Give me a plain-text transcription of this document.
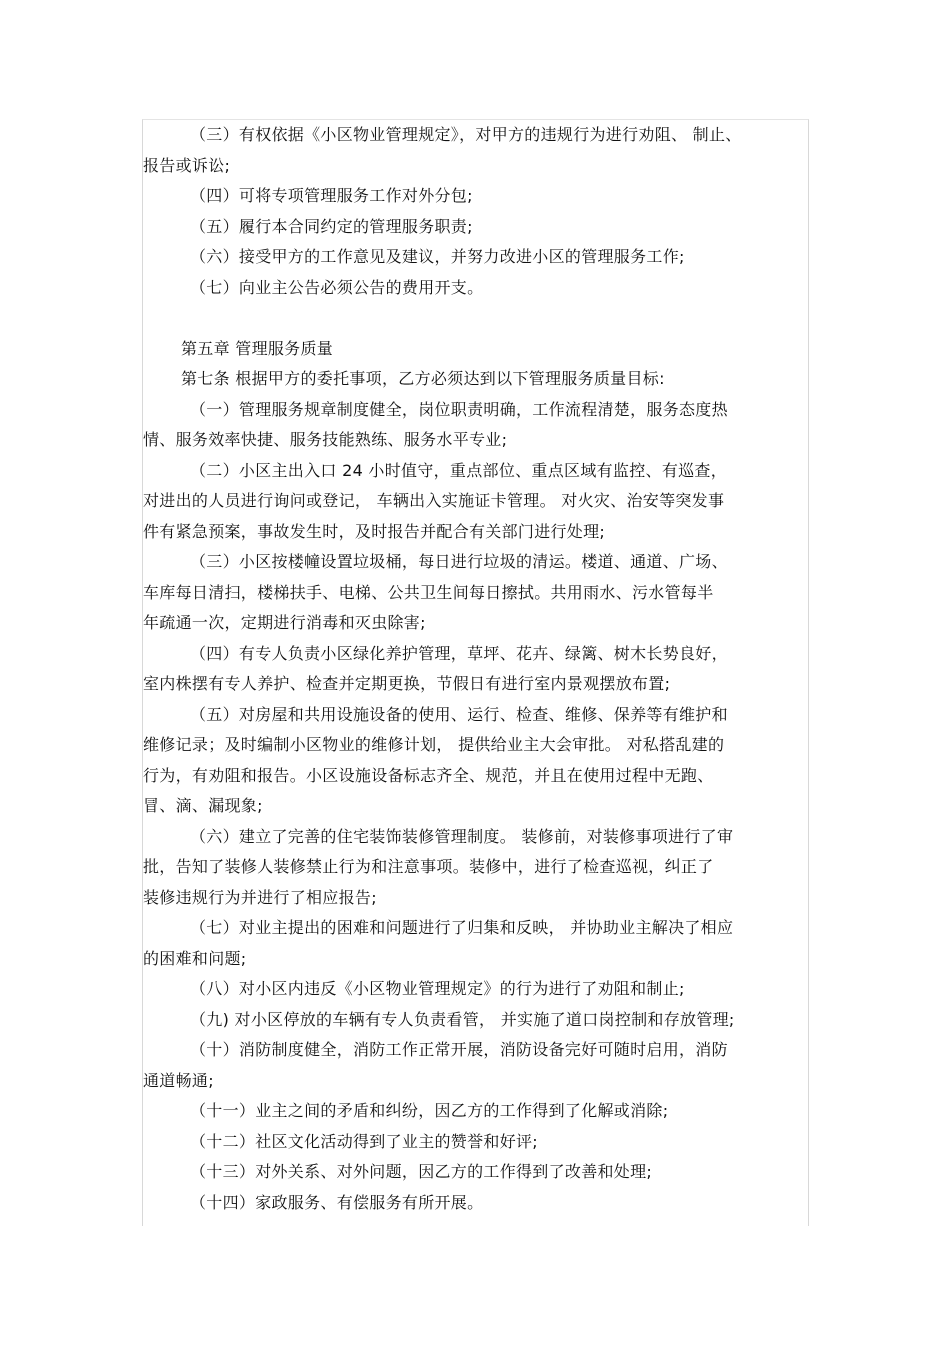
（三）有权依据《小区物业管理规定》，对甲方的违规行为进行劝阻、 制止、
报告或诉讼;
（四）可将专项管理服务工作对外分包;
（五）履行本合同约定的管理服务职责;
（六）接受甲方的工作意见及建议，并努力改进小区的管理服务工作;
（七）向业主公告必须公告的费用开支。
第五章 管理服务质量
第七条 根据甲方的委托事项，乙方必须达到以下管理服务质量目标:
（一）管理服务规章制度健全，岗位职责明确，工作流程清楚，服务态度热
情、服务效率快捷、服务技能熟练、服务水平专业;
（二）小区主出入口 24 小时值守，重点部位、重点区域有监控、有巡查，
对进出的人员进行询问或登记， 车辆出入实施证卡管理。 对火灾、治安等突发事
件有紧急预案，事故发生时，及时报告并配合有关部门进行处理;
（三）小区按楼幢设置垃圾桶，每日进行垃圾的清运。楼道、通道、广场、
车库每日清扫，楼梯扶手、电梯、公共卫生间每日擦拭。共用雨水、污水管每半
年疏通一次，定期进行消毒和灭虫除害;
（四）有专人负责小区绿化养护管理，草坪、花卉、绿篱、树木长势良好，
室内株摆有专人养护、检查并定期更换，节假日有进行室内景观摆放布置;
（五）对房屋和共用设施设备的使用、运行、检查、维修、保养等有维护和
维修记录；及时编制小区物业的维修计划， 提供给业主大会审批。 对私搭乱建的
行为，有劝阻和报告。小区设施设备标志齐全、规范，并且在使用过程中无跑、
冒、滴、漏现象;
（六）建立了完善的住宅装饰装修管理制度。 装修前，对装修事项进行了审
批，告知了装修人装修禁止行为和注意事项。装修中，进行了检查巡视，纠正了
装修违规行为并进行了相应报告;
（七）对业主提出的困难和问题进行了归集和反映， 并协助业主解决了相应
的困难和问题;
（八）对小区内违反《小区物业管理规定》的行为进行了劝阻和制止;
（九) 对小区停放的车辆有专人负责看管， 并实施了道口岗控制和存放管理;
（十）消防制度健全，消防工作正常开展，消防设备完好可随时启用，消防
通道畅通;
（十一）业主之间的矛盾和纠纷，因乙方的工作得到了化解或消除;
（十二）社区文化活动得到了业主的赞誉和好评;
（十三）对外关系、对外问题，因乙方的工作得到了改善和处理;
（十四）家政服务、有偿服务有所开展。
